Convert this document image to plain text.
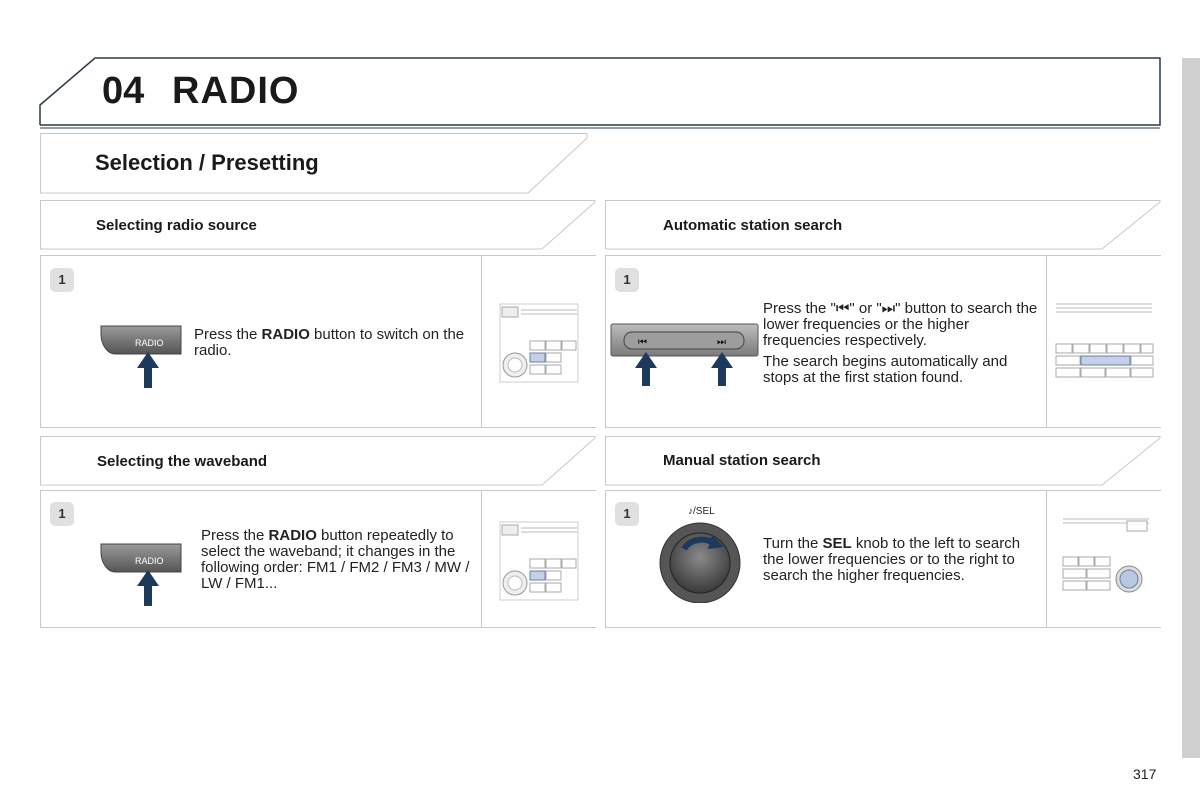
04 RADIO
Selection / Presetting
Selecting radio source
1
RADIO Press the RADIO button to switch on the radio.
Automatic station search
1
⏮	⏭
Press the "⏮" or "⏭" button to search the lower frequencies or the higher frequencies respectively.
The search begins automatically and stops at the first station found.
Selecting the waveband
1
RADIO
Press the RADIO button repeatedly to select the waveband; it changes in the following order: FM1 / FM2 / FM3 / MW / LW / FM1...
Manual station search
1	♪/SEL
Turn the SEL knob to the left to search the lower frequencies or to the right to search the higher frequencies.
317
